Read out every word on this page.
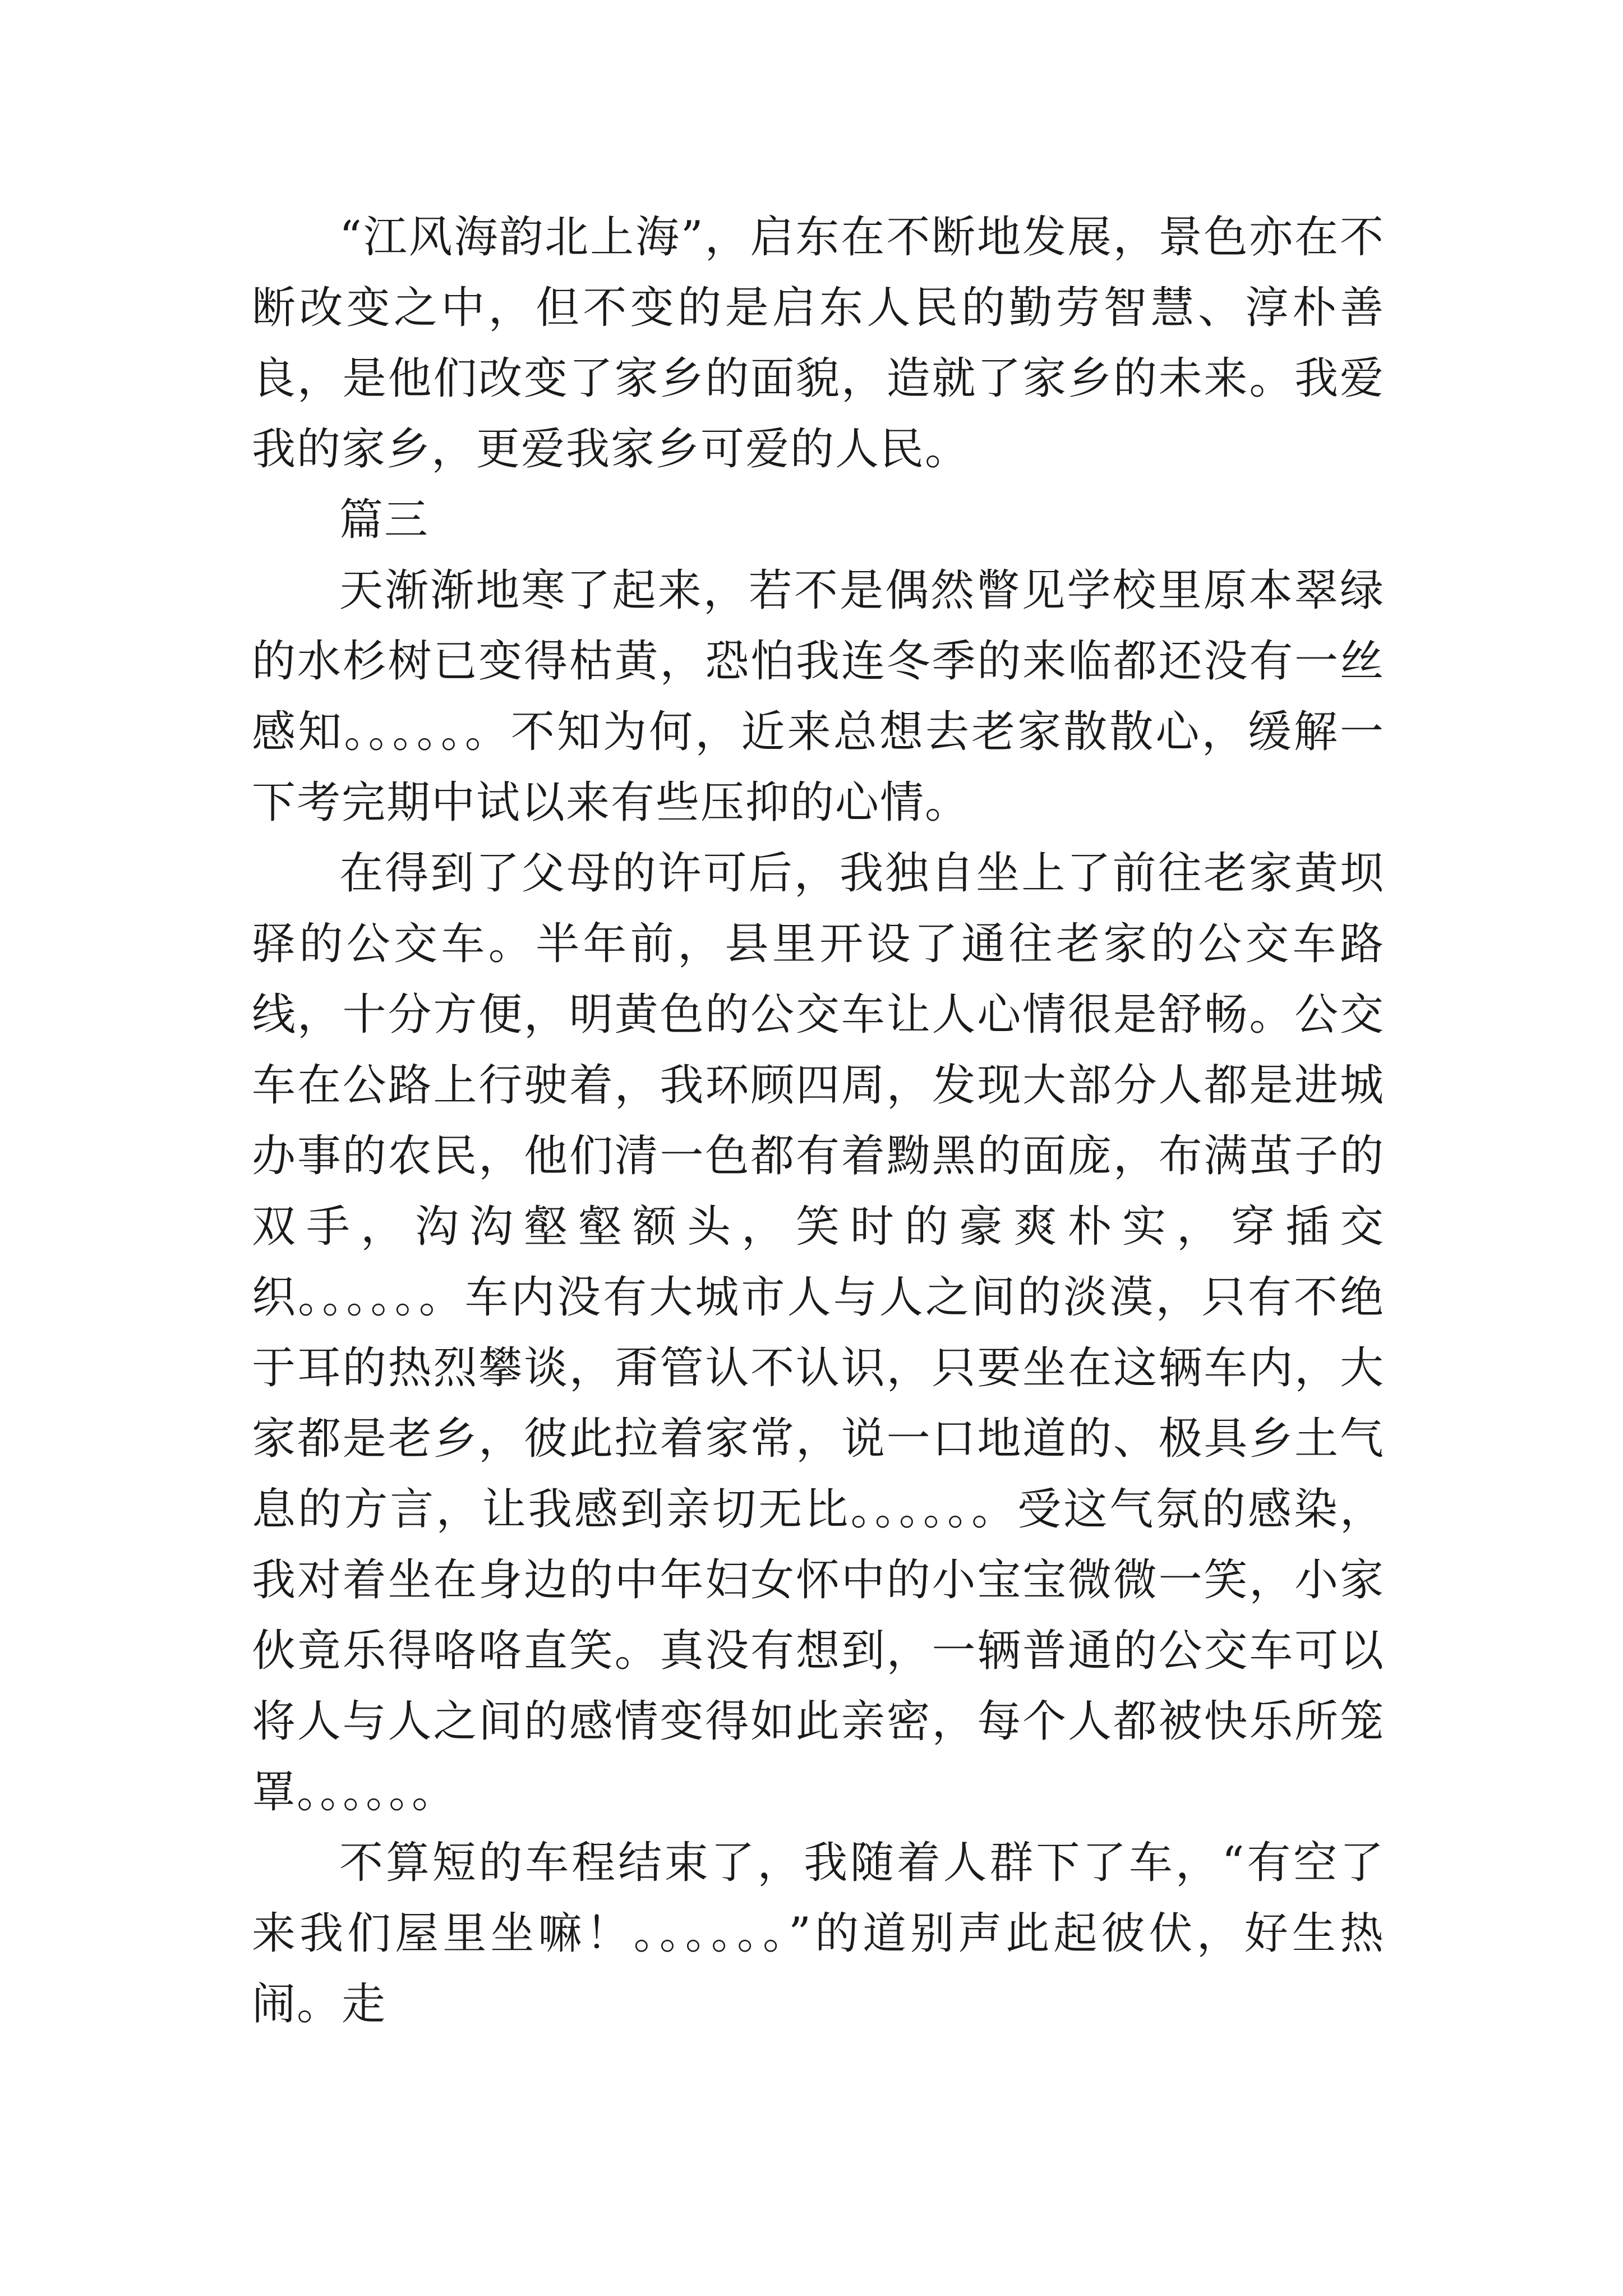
“江风海韵北上海”，启东在不断地发展，景色亦在不断改变之中，但不变的是启东人民的勤劳智慧、淳朴善良，是他们改变了家乡的面貌，造就了家乡的未来。我爱我的家乡，更爱我家乡可爱的人民。

篇三

天渐渐地寒了起来，若不是偶然瞥见学校里原本翠绿的水杉树已变得枯黄，恐怕我连冬季的来临都还没有一丝感知。。。。。。不知为何，近来总想去老家散散心，缓解一下考完期中试以来有些压抑的心情。

在得到了父母的许可后，我独自坐上了前往老家黄坝驿的公交车。半年前，县里开设了通往老家的公交车路线，十分方便，明黄色的公交车让人心情很是舒畅。公交车在公路上行驶着，我环顾四周，发现大部分人都是进城办事的农民，他们清一色都有着黝黑的面庞，布满茧子的双手，沟沟壑壑额头，笑时的豪爽朴实，穿插交织。。。。。。车内没有大城市人与人之间的淡漠，只有不绝于耳的热烈攀谈，甭管认不认识，只要坐在这辆车内，大家都是老乡，彼此拉着家常，说一口地道的、极具乡土气息的方言，让我感到亲切无比。。。。。。受这气氛的感染，我对着坐在身边的中年妇女怀中的小宝宝微微一笑，小家伙竟乐得咯咯直笑。真没有想到，一辆普通的公交车可以将人与人之间的感情变得如此亲密，每个人都被快乐所笼罩。。。。。。

不算短的车程结束了，我随着人群下了车，“有空了来我们屋里坐嘛！。。。。。。”的道别声此起彼伏，好生热闹。走
